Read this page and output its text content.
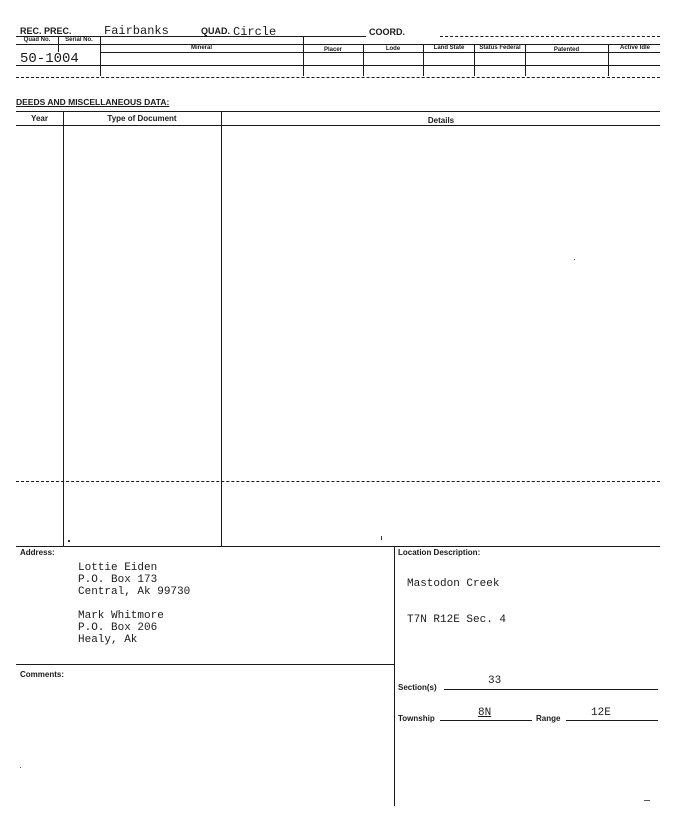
REC. PREC.	Fairbanks	QUAD. Circle	COORD.
Quad No.	Serial No.
Mineral	Placer	Lode	Land State	Status Federal	Patented	Active Idle
50-1004
DEEDS AND MISCELLANEOUS DATA:
Year	Type of Document	Details
Address:
Lottie Eiden
P.O. Box 173
Central, Ak 99730
Mark Whitmore
P.O. Box 206
Healy, Ak
Comments:
Location Description:
Mastodon Creek
T7N R12E Sec. 4
Section(s)
33
Township	8N	Range	12E
